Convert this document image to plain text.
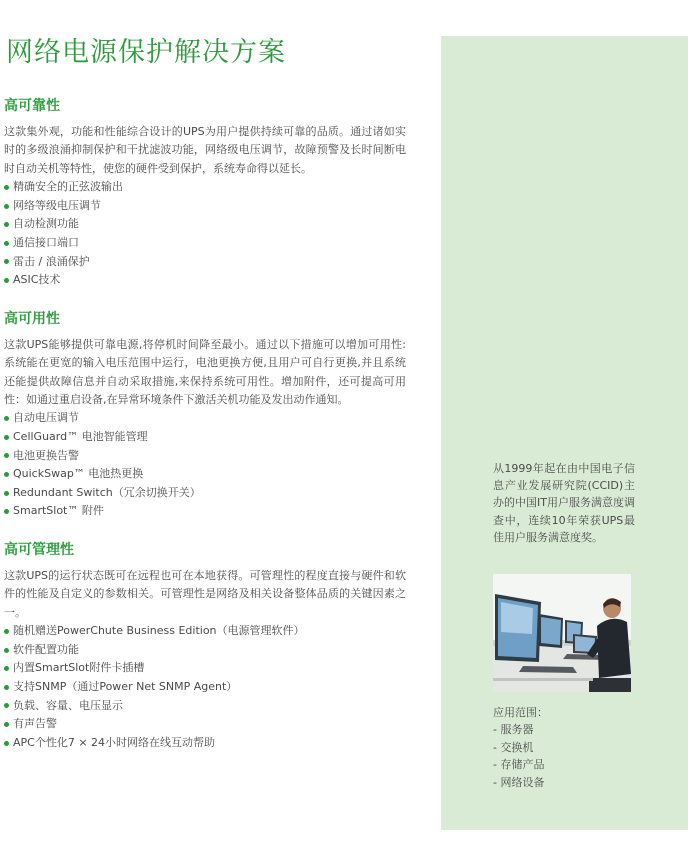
网络电源保护解决方案
高可靠性
这款集外观，功能和性能综合设计的UPS为用户提供持续可靠的品质。通过诸如实时的多级浪涌抑制保护和干扰滤波功能，网络级电压调节，故障预警及长时间断电时自动关机等特性，使您的硬件受到保护，系统寿命得以延长。
精确安全的正弦波输出
网络等级电压调节
自动检测功能
通信接口端口
雷击 / 浪涌保护
ASIC技术
高可用性
这款UPS能够提供可靠电源,将停机时间降至最小。通过以下措施可以增加可用性:系统能在更宽的输入电压范围中运行，电池更换方便,且用户可自行更换,并且系统还能提供故障信息并自动采取措施,来保持系统可用性。增加附件，还可提高可用性：如通过重启设备,在异常环境条件下激活关机功能及发出动作通知。
自动电压调节
CellGuard™ 电池智能管理
电池更换告警
QuickSwap™ 电池热更换
Redundant Switch（冗余切换开关）
SmartSlot™ 附件
高可管理性
这款UPS的运行状态既可在远程也可在本地获得。可管理性的程度直接与硬件和软件的性能及自定义的参数相关。可管理性是网络及相关设备整体品质的关键因素之一。
随机赠送PowerChute Business Edition（电源管理软件）
软件配置功能
内置SmartSlot附件卡插槽
支持SNMP（通过Power Net SNMP Agent）
负载、容量、电压显示
有声告警
APC个性化7 × 24小时网络在线互动帮助
从1999年起在由中国电子信息产业发展研究院(CCID)主办的中国IT用户服务满意度调查中，连续10年荣获UPS最佳用户服务满意度奖。
应用范围：
- 服务器
- 交换机
- 存储产品
- 网络设备
